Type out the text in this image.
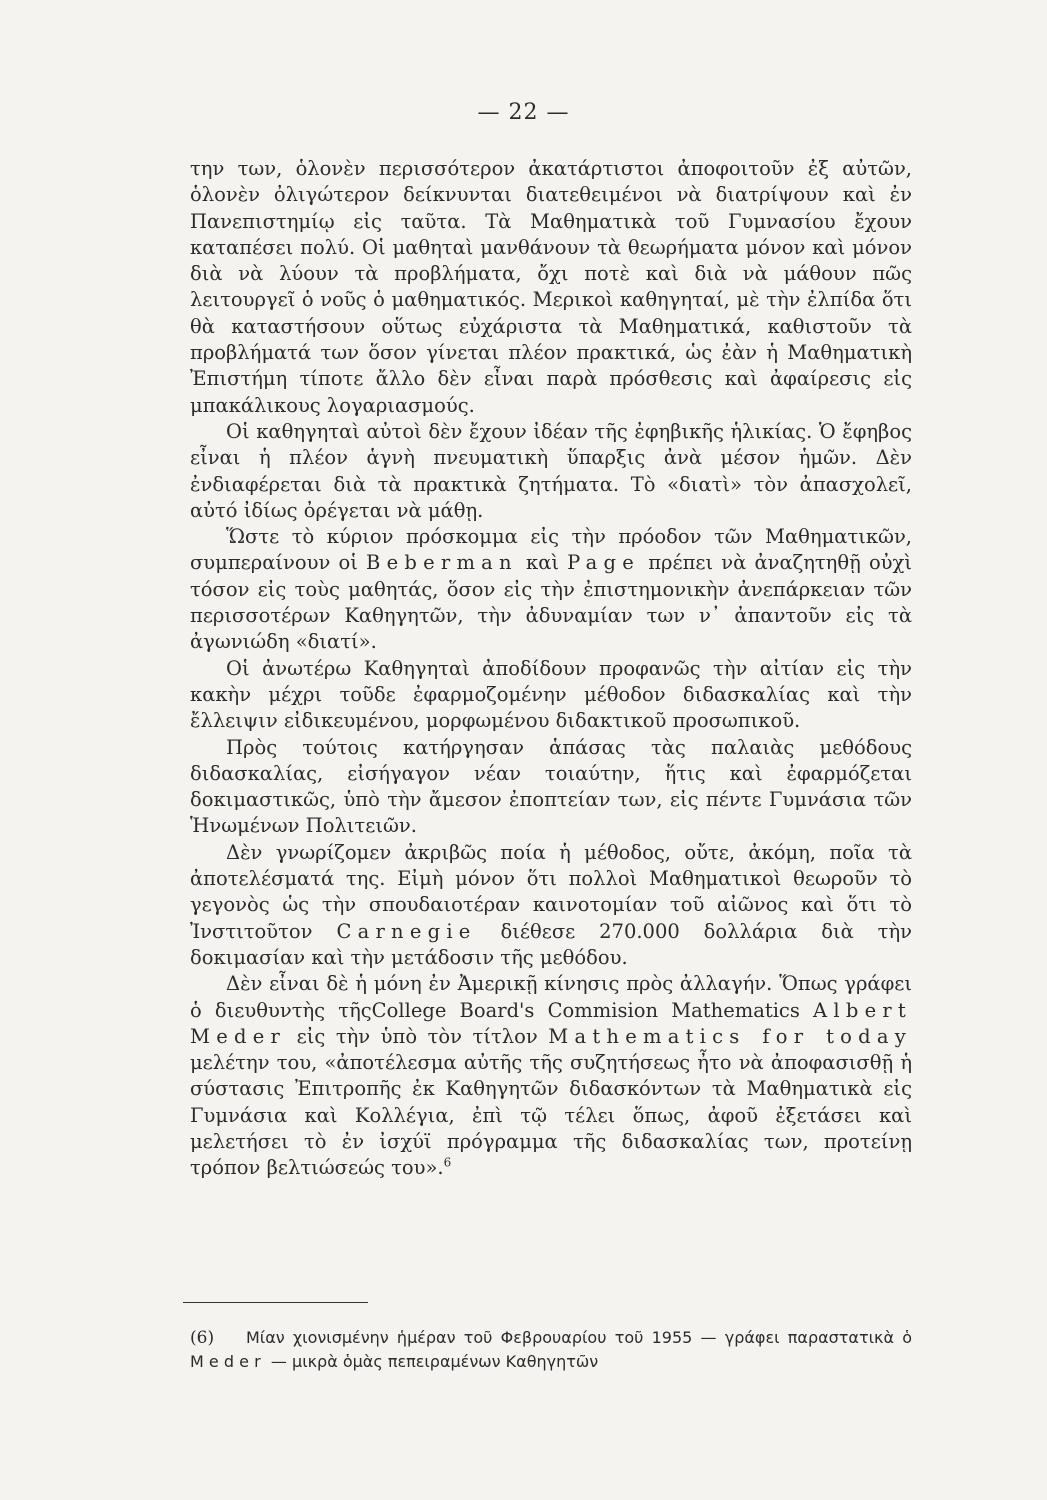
— 22 —

την των, ὁλονὲν περισσότερον ἀκατάρτιστοι ἀποφοιτοῦν ἐξ αὐτῶν, ὁλονὲν ὀλιγώτερον δείκνυνται διατεθειμένοι νὰ διατρίψουν καὶ ἐν Πανεπιστημίῳ εἰς ταῦτα. Τὰ Μαθηματικὰ τοῦ Γυμνασίου ἔχουν καταπέσει πολύ. Οἱ μαθηταὶ μανθάνουν τὰ θεωρήματα μόνον καὶ μόνον διὰ νὰ λύουν τὰ προβλήματα, ὄχι ποτὲ καὶ διὰ νὰ μάθουν πῶς λειτουργεῖ ὁ νοῦς ὁ μαθηματικός. Μερικοὶ καθηγηταί, μὲ τὴν ἐλπίδα ὅτι θὰ καταστήσουν οὕτως εὐχάριστα τὰ Μαθηματικά, καθιστοῦν τὰ προβλήματά των ὅσον γίνεται πλέον πρακτικά, ὡς ἐὰν ἡ Μαθηματικὴ Ἐπιστήμη τίποτε ἄλλο δὲν εἶναι παρὰ πρόσθεσις καὶ ἀφαίρεσις εἰς μπακάλικους λογαριασμούς.

Οἱ καθηγηταὶ αὐτοὶ δὲν ἔχουν ἰδέαν τῆς ἐφηβικῆς ἡλικίας. Ὁ ἔφηβος εἶναι ἡ πλέον ἁγνὴ πνευματικὴ ὕπαρξις ἀνὰ μέσον ἡμῶν. Δὲν ἐνδιαφέρεται διὰ τὰ πρακτικὰ ζητήματα. Τὸ «διατὶ» τὸν ἀπασχολεῖ, αὐτό ἰδίως ὀρέγεται νὰ μάθῃ.

Ὥστε τὸ κύριον πρόσκομμα εἰς τὴν πρόοδον τῶν Μαθηματικῶν, συμπεραίνουν οἱ Beberman καὶ Page πρέπει νὰ ἀναζητηθῇ οὐχὶ τόσον εἰς τοὺς μαθητάς, ὅσον εἰς τὴν ἐπιστημονικὴν ἀνεπάρκειαν τῶν περισσοτέρων Καθηγητῶν, τὴν ἀδυναμίαν των ν᾽ ἀπαντοῦν εἰς τὰ ἀγωνιώδη «διατί».

Οἱ ἀνωτέρω Καθηγηταὶ ἀποδίδουν προφανῶς τὴν αἰτίαν εἰς τὴν κακὴν μέχρι τοῦδε ἐφαρμοζομένην μέθοδον διδασκαλίας καὶ τὴν ἔλλειψιν εἰδικευμένου, μορφωμένου διδακτικοῦ προσωπικοῦ.

Πρὸς τούτοις κατήργησαν ἁπάσας τὰς παλαιὰς μεθόδους διδασκαλίας, εἰσήγαγον νέαν τοιαύτην, ἥτις καὶ ἐφαρμόζεται δοκιμαστικῶς, ὑπὸ τὴν ἄμεσον ἐποπτείαν των, εἰς πέντε Γυμνάσια τῶν Ἡνωμένων Πολιτειῶν.

Δὲν γνωρίζομεν ἀκριβῶς ποία ἡ μέθοδος, οὔτε, ἀκόμη, ποῖα τὰ ἀποτελέσματά της. Εἰμὴ μόνον ὅτι πολλοὶ Μαθηματικοὶ θεωροῦν τὸ γεγονὸς ὡς τὴν σπουδαιοτέραν καινοτομίαν τοῦ αἰῶνος καὶ ὅτι τὸ Ἰνστιτοῦτον Carnegie διέθεσε 270.000 δολλάρια διὰ τὴν δοκιμασίαν καὶ τὴν μετάδοσιν τῆς μεθόδου.

Δὲν εἶναι δὲ ἡ μόνη ἐν Ἀμερικῇ κίνησις πρὸς ἀλλαγήν. Ὅπως γράφει ὁ διευθυντὴς τῆςCollege Board's Commision Mathematics Albert Meder εἰς τὴν ὑπὸ τὸν τίτλον Mathematics for today μελέτην του, «ἀποτέλεσμα αὐτῆς τῆς συζητήσεως ἦτο νὰ ἀποφασισθῇ ἡ σύστασις Ἐπιτροπῆς ἐκ Καθηγητῶν διδασκόντων τὰ Μαθηματικὰ εἰς Γυμνάσια καὶ Κολλέγια, ἐπὶ τῷ τέλει ὅπως, ἀφοῦ ἐξετάσει καὶ μελετήσει τὸ ἐν ἰσχύϊ πρόγραμμα τῆς διδασκαλίας των, προτείνῃ τρόπον βελτιώσεώς του».$^6$

(6) Μίαν χιονισμένην ἡμέραν τοῦ Φεβρουαρίου τοῦ 1955 — γράφει παραστατικὰ ὁ Meder — μικρὰ ὁμὰς πεπειραμένων Καθηγητῶν
